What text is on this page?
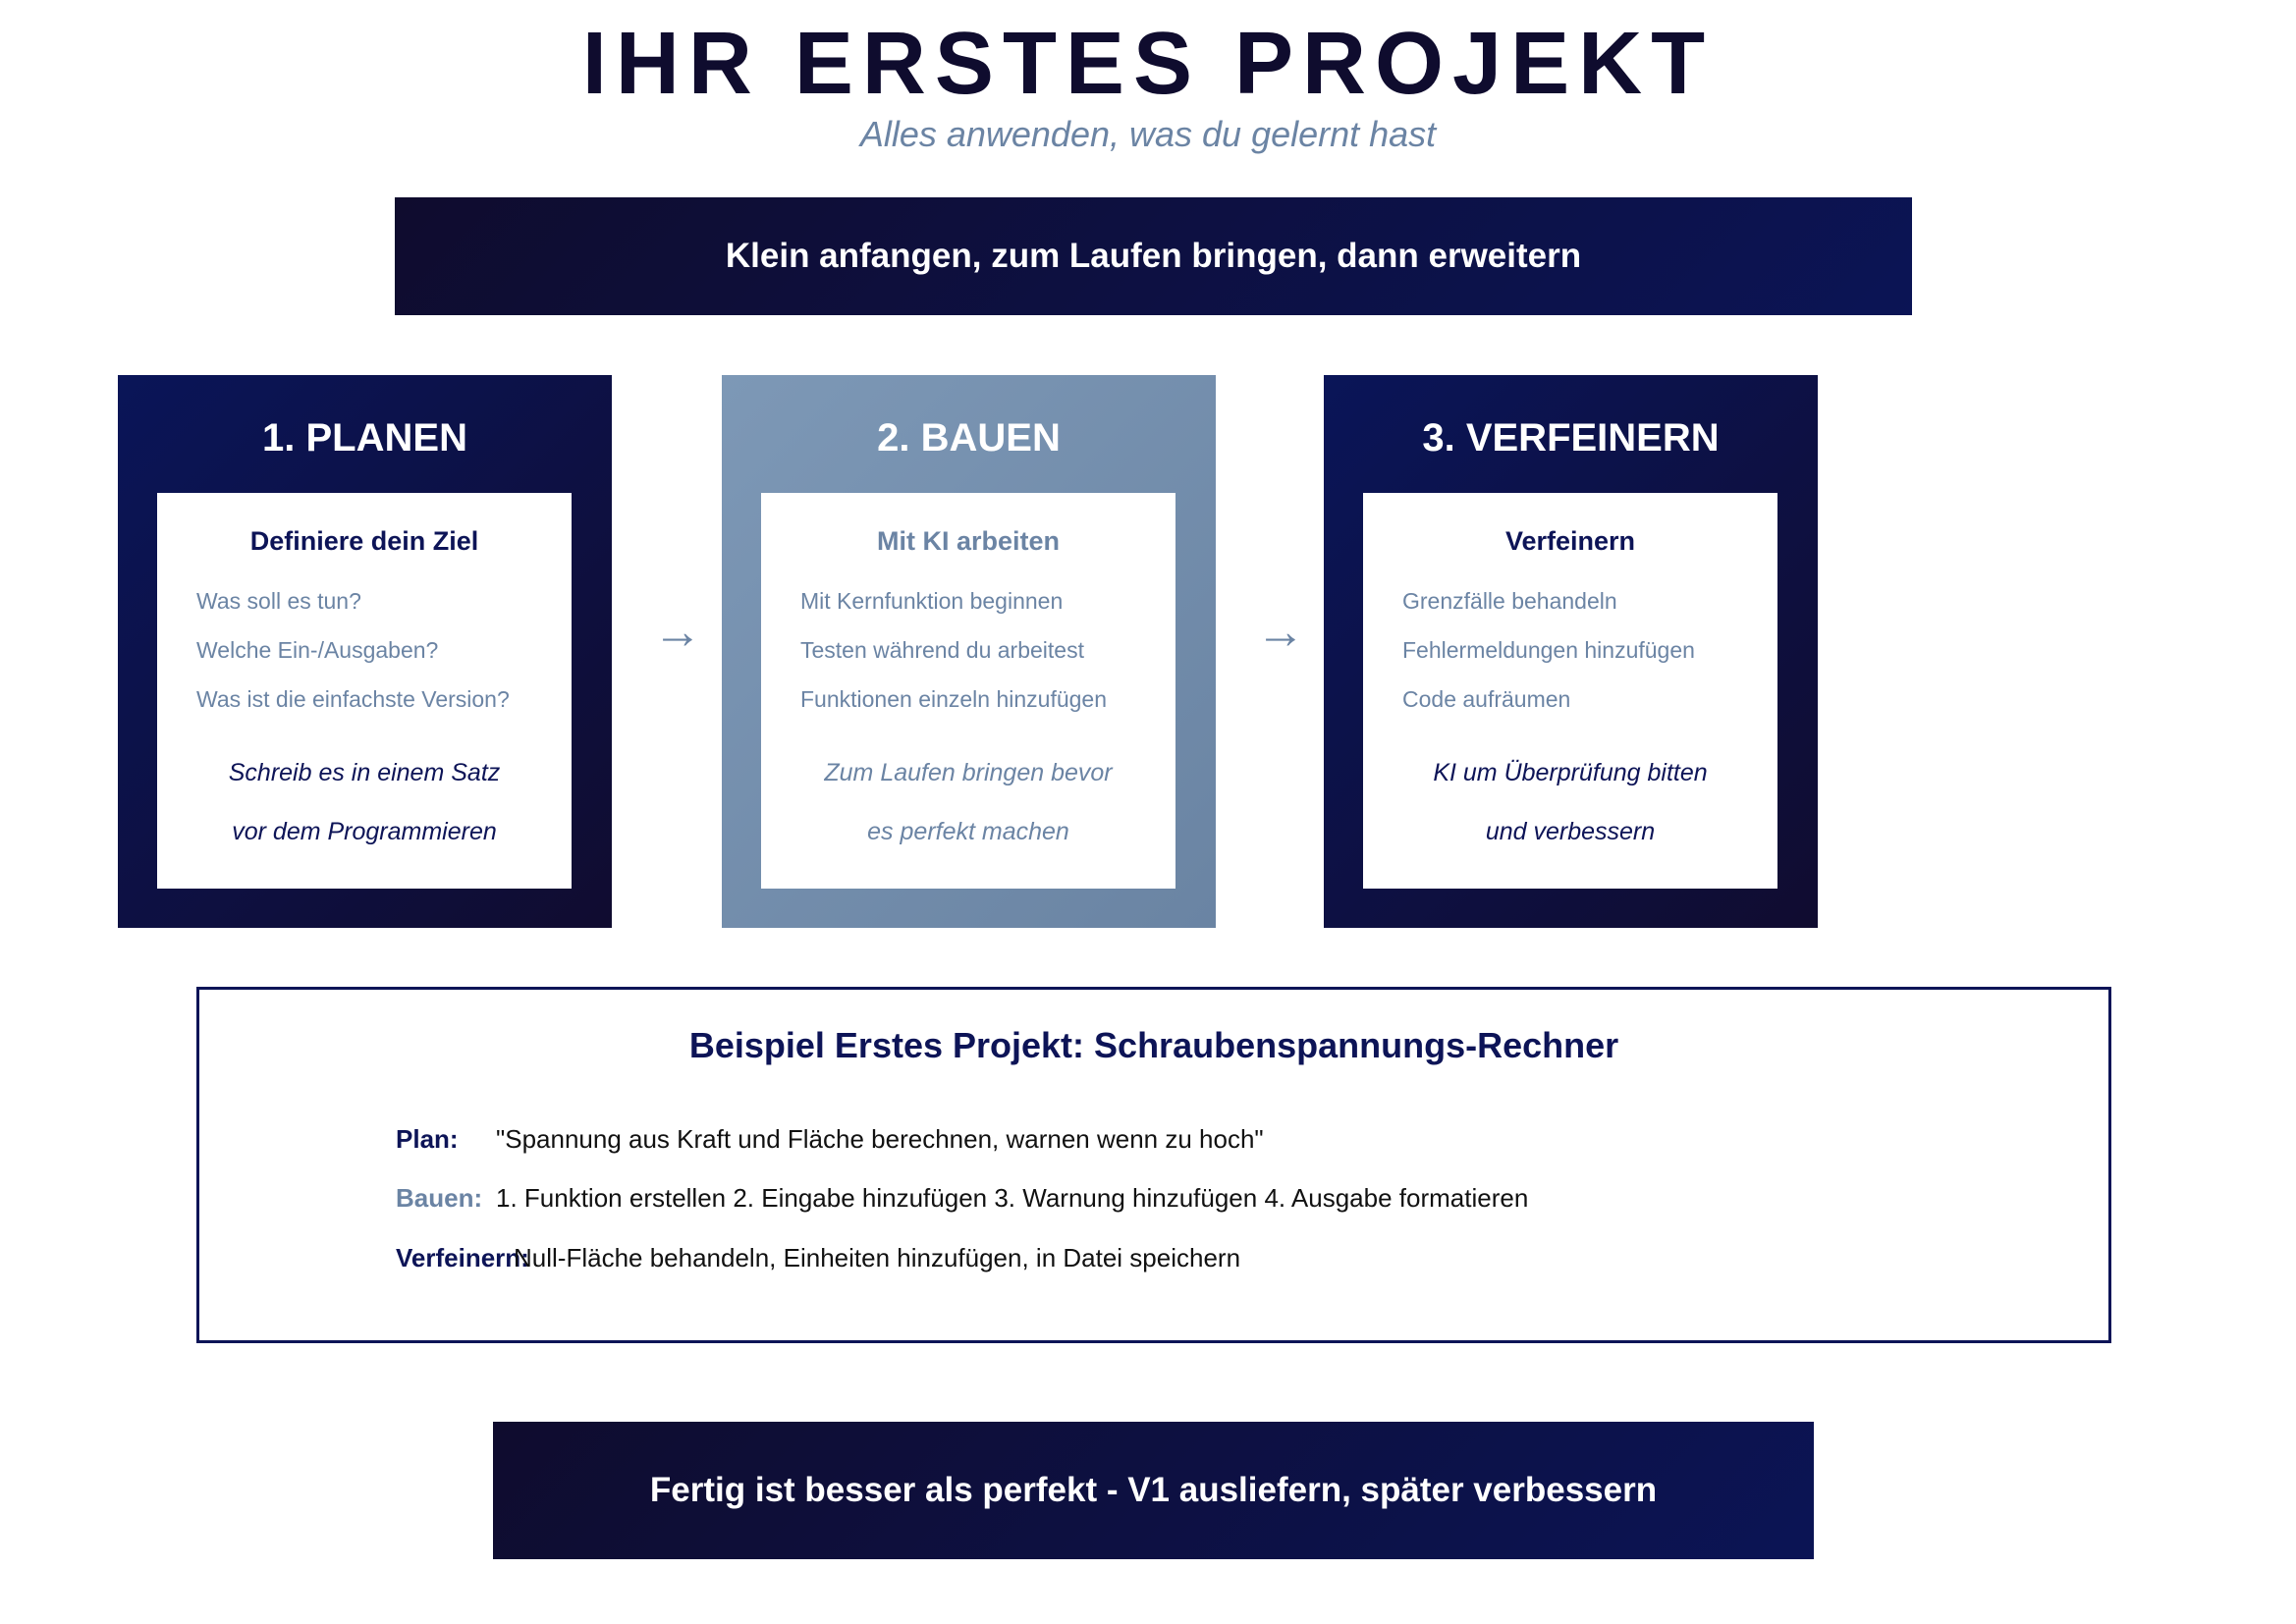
IHR ERSTES PROJEKT
Alles anwenden, was du gelernt hast
Klein anfangen, zum Laufen bringen, dann erweitern
1. PLANEN
Definiere dein Ziel
Was soll es tun?
Welche Ein-/Ausgaben?
Was ist die einfachste Version?
Schreib es in einem Satz
vor dem Programmieren
→
2. BAUEN
Mit KI arbeiten
Mit Kernfunktion beginnen
Testen während du arbeitest
Funktionen einzeln hinzufügen
Zum Laufen bringen bevor
es perfekt machen
→
3. VERFEINERN
Verfeinern
Grenzfälle behandeln
Fehlermeldungen hinzufügen
Code aufräumen
KI um Überprüfung bitten
und verbessern
Beispiel Erstes Projekt: Schraubenspannungs-Rechner
Plan: "Spannung aus Kraft und Fläche berechnen, warnen wenn zu hoch"
Bauen: 1. Funktion erstellen 2. Eingabe hinzufügen 3. Warnung hinzufügen 4. Ausgabe formatieren
Verfeinern:
Null-Fläche behandeln, Einheiten hinzufügen, in Datei speichern
Fertig ist besser als perfekt - V1 ausliefern, später verbessern
